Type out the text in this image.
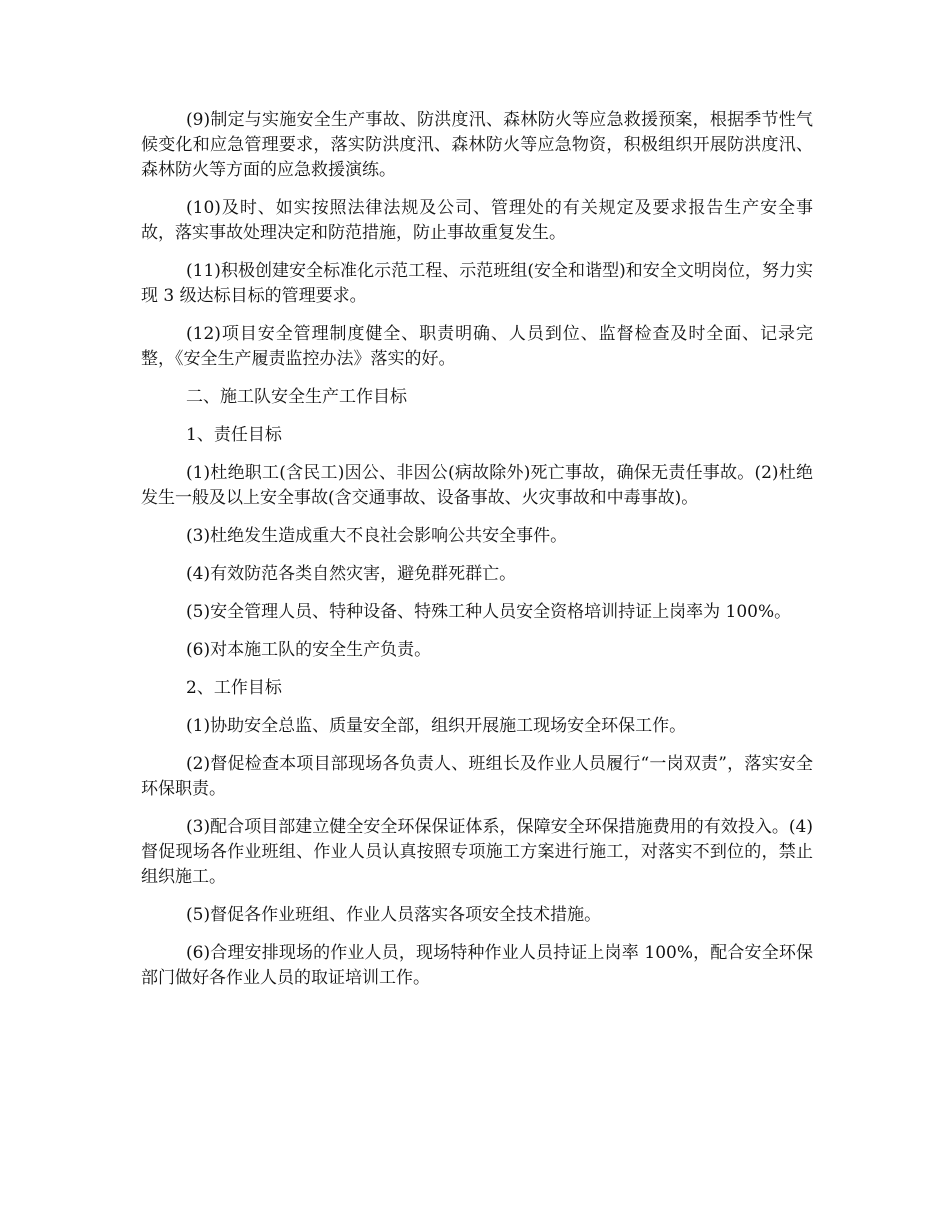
(9)制定与实施安全生产事故、防洪度汛、森林防火等应急救援预案，根据季节性气候变化和应急管理要求，落实防洪度汛、森林防火等应急物资，积极组织开展防洪度汛、森林防火等方面的应急救援演练。

(10)及时、如实按照法律法规及公司、管理处的有关规定及要求报告生产安全事故，落实事故处理决定和防范措施，防止事故重复发生。

(11)积极创建安全标准化示范工程、示范班组(安全和谐型)和安全文明岗位，努力实现 3 级达标目标的管理要求。

(12)项目安全管理制度健全、职责明确、人员到位、监督检查及时全面、记录完整，《安全生产履责监控办法》落实的好。

二、施工队安全生产工作目标

1、责任目标

(1)杜绝职工(含民工)因公、非因公(病故除外)死亡事故，确保无责任事故。(2)杜绝发生一般及以上安全事故(含交通事故、设备事故、火灾事故和中毒事故)。

(3)杜绝发生造成重大不良社会影响公共安全事件。

(4)有效防范各类自然灾害，避免群死群亡。

(5)安全管理人员、特种设备、特殊工种人员安全资格培训持证上岗率为 100%。

(6)对本施工队的安全生产负责。

2、工作目标

(1)协助安全总监、质量安全部，组织开展施工现场安全环保工作。

(2)督促检查本项目部现场各负责人、班组长及作业人员履行“一岗双责”，落实安全环保职责。

(3)配合项目部建立健全安全环保保证体系，保障安全环保措施费用的有效投入。(4)督促现场各作业班组、作业人员认真按照专项施工方案进行施工，对落实不到位的，禁止组织施工。

(5)督促各作业班组、作业人员落实各项安全技术措施。

(6)合理安排现场的作业人员，现场特种作业人员持证上岗率 100%，配合安全环保部门做好各作业人员的取证培训工作。
